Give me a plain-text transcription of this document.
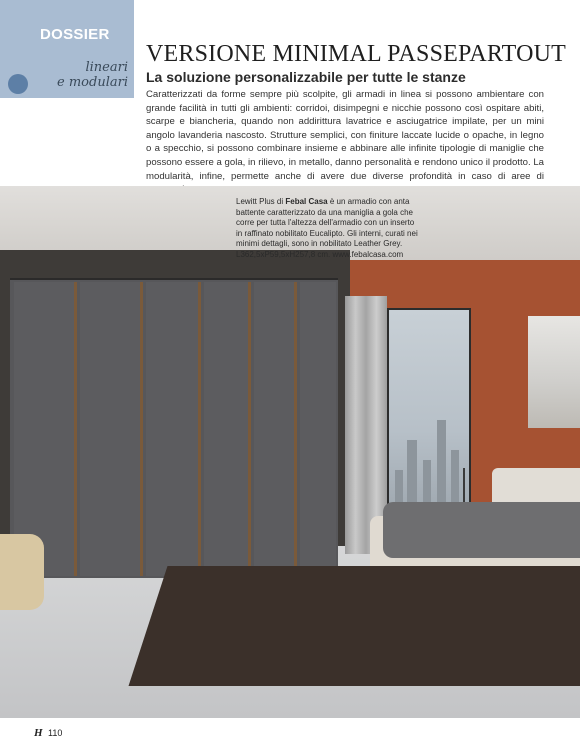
DOSSIER
lineari
e modulari
VERSIONE MINIMAL PASSEPARTOUT
La soluzione personalizzabile per tutte le stanze
Caratterizzati da forme sempre più scolpite, gli armadi in linea si possono ambientare con grande facilità in tutti gli ambienti: corridoi, disimpegni e nicchie possono così ospitare abiti, scarpe e biancheria, quando non addirittura lavatrice e asciugatrice impilate, per un mini angolo lavanderia nascosto. Strutture semplici, con finiture laccate lucide o opache, in legno o a specchio, si possono combinare insieme e abbinare alle infinite tipologie di maniglie che possono essere a gola, in rilievo, in metallo, danno personalità e rendono unico il prodotto. La modularità, infine, permette anche di avere due diverse profondità in caso di aree di
Lewitt Plus di Febal Casa è un armadio con anta battente caratterizzato da una maniglia a gola che corre per tutta l'altezza dell'armadio con un inserto in raffinato nobilitato Eucalipto. Gli interni, curati nei minimi dettagli, sono in nobilitato Leather Grey. L362,5xP59,5xH257,8 cm. www.febalcasa.com
H 110
